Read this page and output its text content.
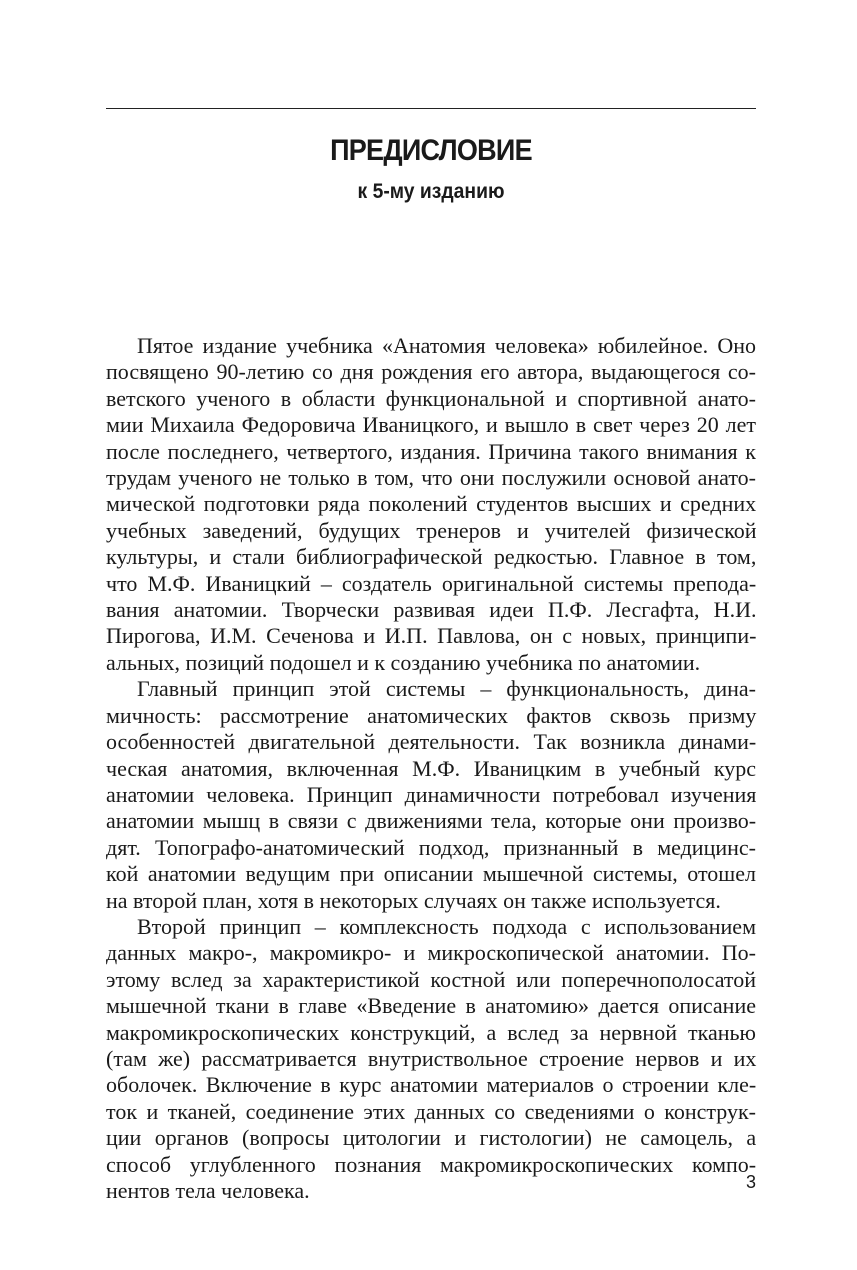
ПРЕДИСЛОВИЕ
к 5-му изданию

Пятое издание учебника «Анатомия человека» юбилейное. Оно
посвящено 90-летию со дня рождения его автора, выдающегося со-
ветского ученого в области функциональной и спортивной анато-
мии Михаила Федоровича Иваницкого, и вышло в свет через 20 лет
после последнего, четвертого, издания. Причина такого внимания к
трудам ученого не только в том, что они послужили основой анато-
мической подготовки ряда поколений студентов высших и средних
учебных заведений, будущих тренеров и учителей физической
культуры, и стали библиографической редкостью. Главное в том,
что М.Ф. Иваницкий – создатель оригинальной системы препода-
вания анатомии. Творчески развивая идеи П.Ф. Лесгафта, Н.И.
Пирогова, И.М. Сеченова и И.П. Павлова, он с новых, принципи-
альных, позиций подошел и к созданию учебника по анатомии.

Главный принцип этой системы – функциональность, дина-
мичность: рассмотрение анатомических фактов сквозь призму
особенностей двигательной деятельности. Так возникла динами-
ческая анатомия, включенная М.Ф. Иваницким в учебный курс
анатомии человека. Принцип динамичности потребовал изучения
анатомии мышц в связи с движениями тела, которые они произво-
дят. Топографо-анатомический подход, признанный в медицинс-
кой анатомии ведущим при описании мышечной системы, отошел
на второй план, хотя в некоторых случаях он также используется.

Второй принцип – комплексность подхода с использованием
данных макро-, макромикро- и микроскопической анатомии. По-
этому вслед за характеристикой костной или поперечнополосатой
мышечной ткани в главе «Введение в анатомию» дается описание
макромикроскопических конструкций, а вслед за нервной тканью
(там же) рассматривается внутриствольное строение нервов и их
оболочек. Включение в курс анатомии материалов о строении кле-
ток и тканей, соединение этих данных со сведениями о конструк-
ции органов (вопросы цитологии и гистологии) не самоцель, а
способ углубленного познания макромикроскопических компо-
нентов тела человека.	3
